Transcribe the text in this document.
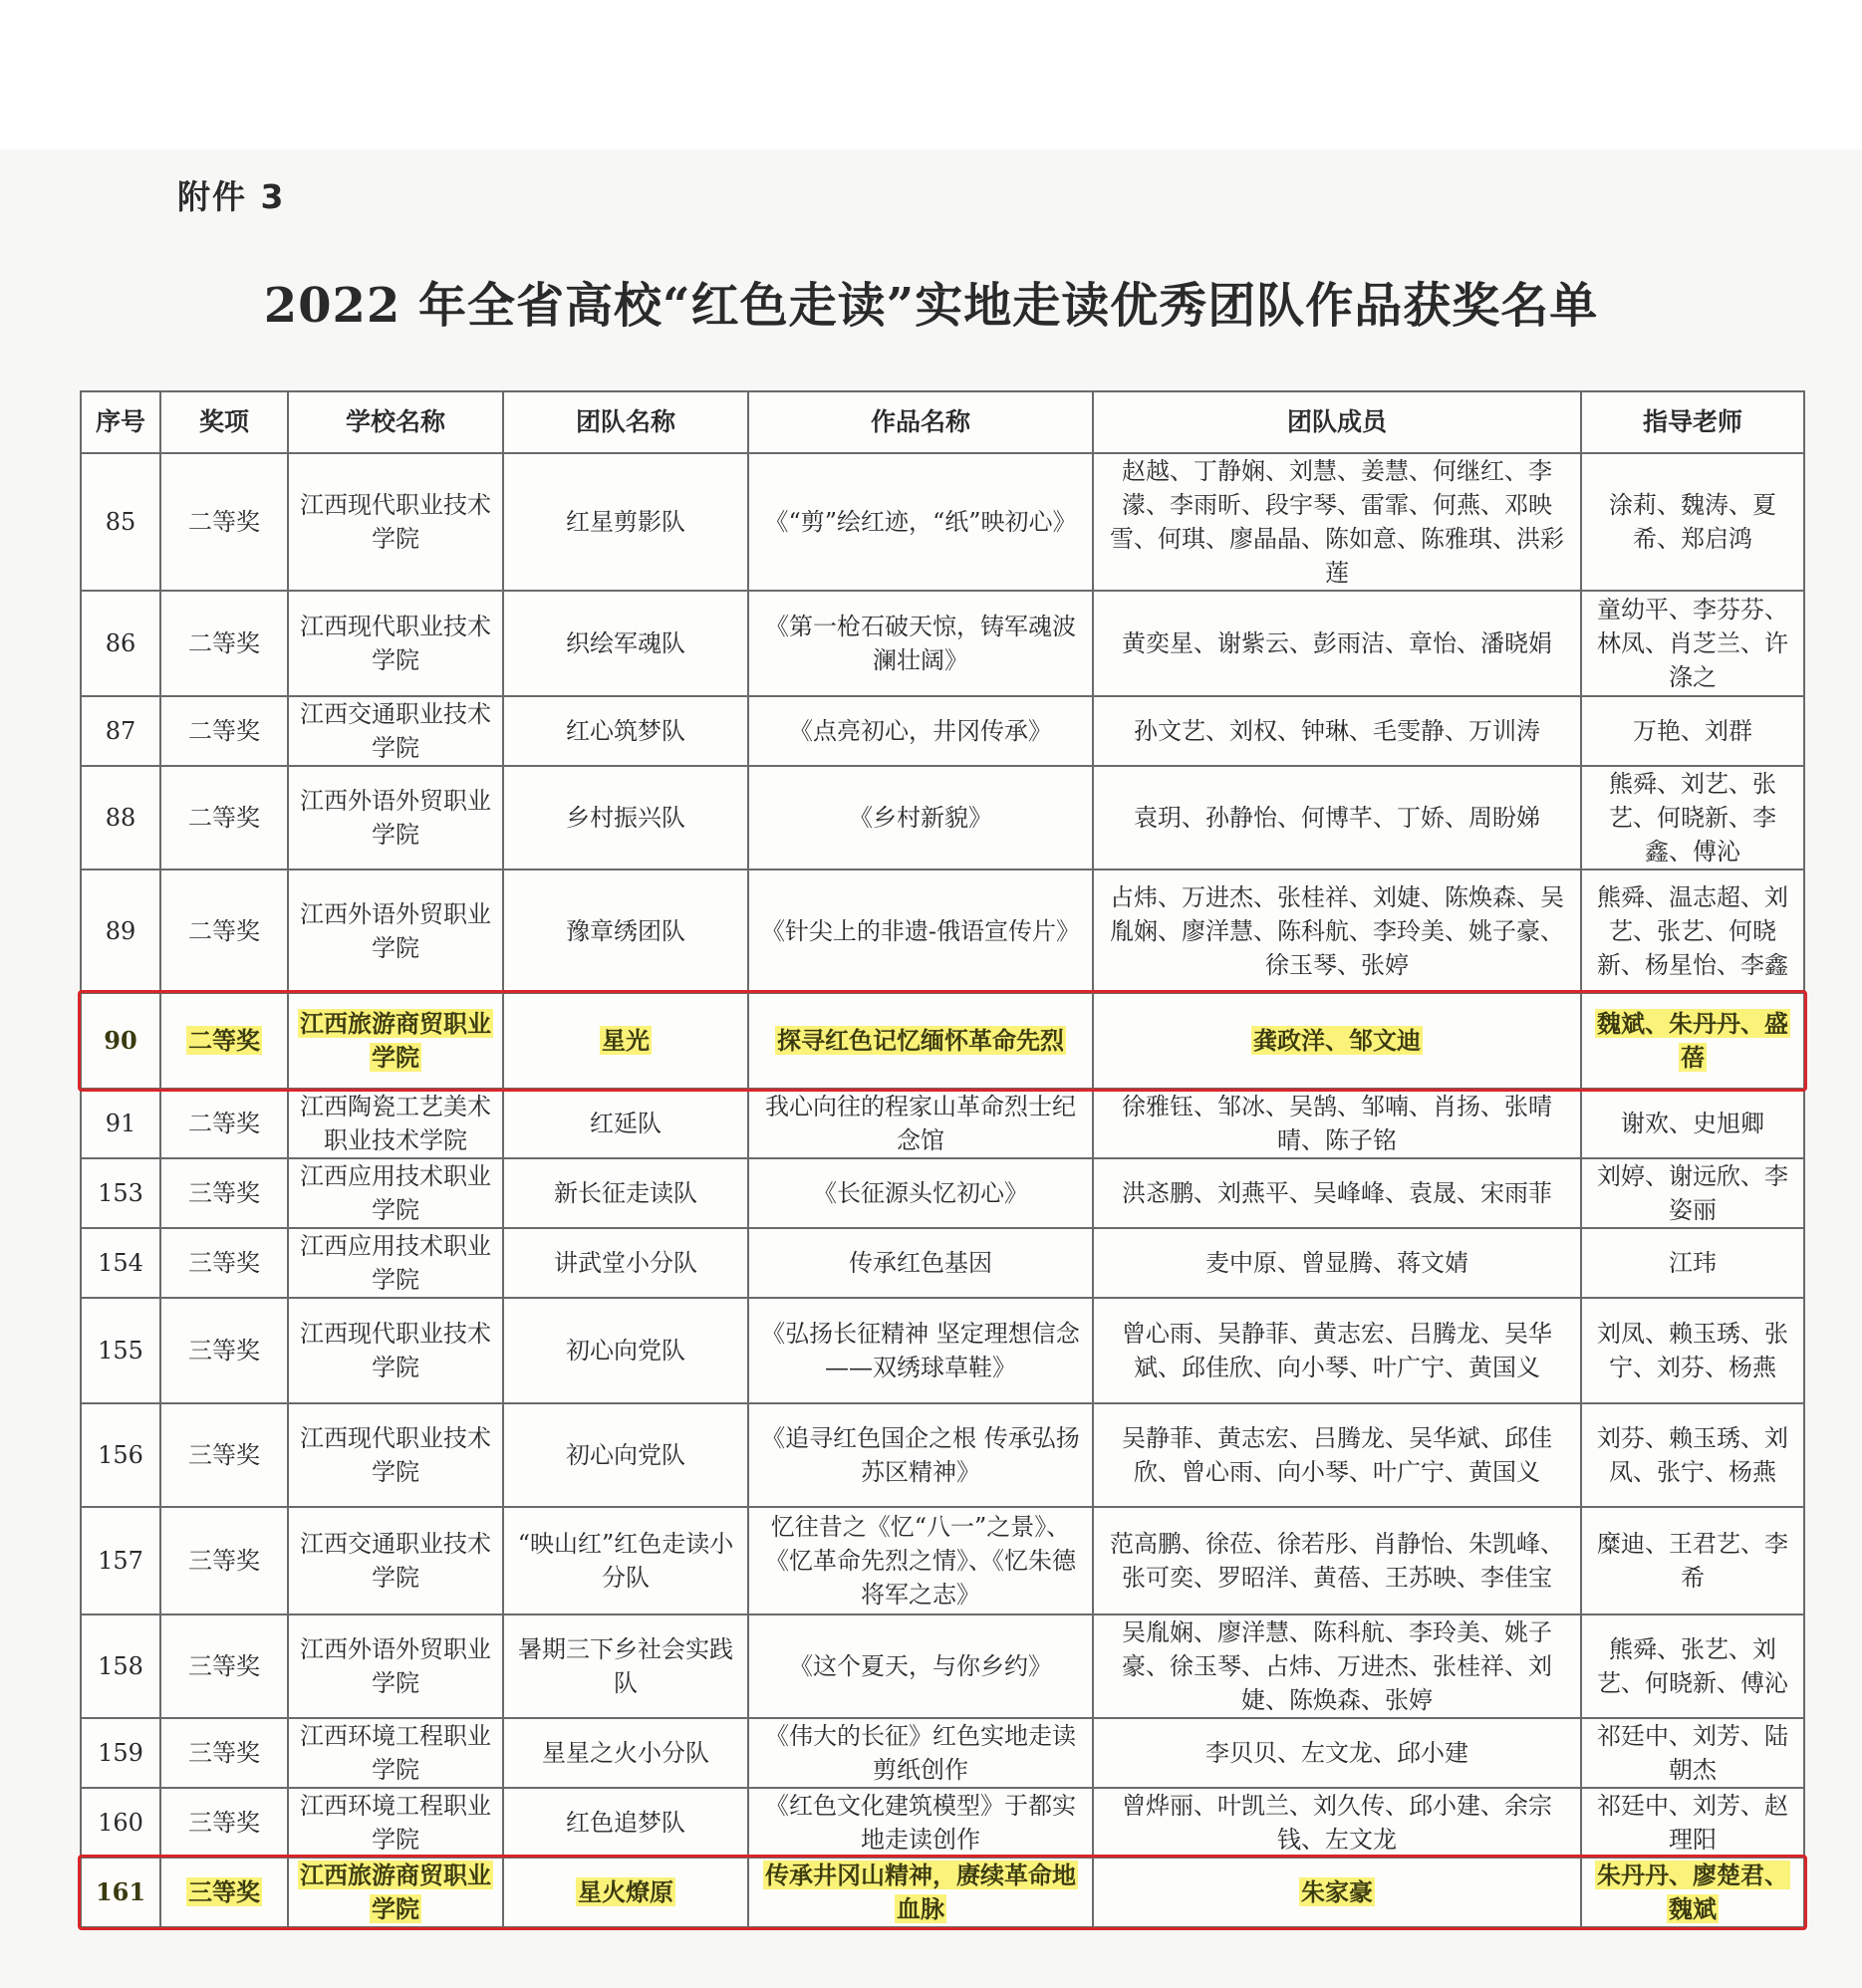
附件 3
2022 年全省高校“红色走读”实地走读优秀团队作品获奖名单
序号	奖项	学校名称	团队名称	作品名称	团队成员	指导老师
85	二等奖	江西现代职业技术学院	红星剪影队	《“剪”绘红迹，“纸”映初心》	赵越、丁静娴、刘慧、姜慧、何继红、李濛、李雨昕、段宇琴、雷霏、何燕、邓映雪、何琪、廖晶晶、陈如意、陈雅琪、洪彩莲	涂莉、魏涛、夏希、郑启鸿
86	二等奖	江西现代职业技术学院	织绘军魂队	《第一枪石破天惊，铸军魂波澜壮阔》	黄奕星、谢紫云、彭雨洁、章怡、潘晓娟	童幼平、李芬芬、林凤、肖芝兰、许涤之
87	二等奖	江西交通职业技术学院	红心筑梦队	《点亮初心，井冈传承》	孙文艺、刘权、钟琳、毛雯静、万训涛	万艳、刘群
88	二等奖	江西外语外贸职业学院	乡村振兴队	《乡村新貌》	袁玥、孙静怡、何博芊、丁娇、周盼娣	熊舜、刘艺、张艺、何晓新、李鑫、傅沁
89	二等奖	江西外语外贸职业学院	豫章绣团队	《针尖上的非遗-俄语宣传片》	占炜、万进杰、张桂祥、刘婕、陈焕森、吴胤娴、廖洋慧、陈科航、李玲美、姚子豪、徐玉琴、张婷	熊舜、温志超、刘艺、张艺、何晓新、杨星怡、李鑫
90	二等奖	江西旅游商贸职业学院	星光	探寻红色记忆缅怀革命先烈	龚政洋、邹文迪	魏斌、朱丹丹、盛蓓
91	二等奖	江西陶瓷工艺美术职业技术学院	红延队	我心向往的程家山革命烈士纪念馆	徐雅钰、邹冰、吴鹄、邹喃、肖扬、张晴晴、陈子铭	谢欢、史旭卿
153	三等奖	江西应用技术职业学院	新长征走读队	《长征源头忆初心》	洪忞鹏、刘燕平、吴峰峰、袁晟、宋雨菲	刘婷、谢远欣、李姿丽
154	三等奖	江西应用技术职业学院	讲武堂小分队	传承红色基因	麦中原、曾显腾、蒋文婧	江玮
155	三等奖	江西现代职业技术学院	初心向党队	《弘扬长征精神 坚定理想信念——双绣球草鞋》	曾心雨、吴静菲、黄志宏、吕腾龙、吴华斌、邱佳欣、向小琴、叶广宁、黄国义	刘凤、赖玉琇、张宁、刘芬、杨燕
156	三等奖	江西现代职业技术学院	初心向党队	《追寻红色国企之根 传承弘扬苏区精神》	吴静菲、黄志宏、吕腾龙、吴华斌、邱佳欣、曾心雨、向小琴、叶广宁、黄国义	刘芬、赖玉琇、刘凤、张宁、杨燕
157	三等奖	江西交通职业技术学院	“映山红”红色走读小分队	忆往昔之《忆“八一”之景》、《忆革命先烈之情》、《忆朱德将军之志》	范高鹏、徐莅、徐若彤、肖静怡、朱凯峰、张可奕、罗昭洋、黄蓓、王苏映、李佳宝	糜迪、王君艺、李希
158	三等奖	江西外语外贸职业学院	暑期三下乡社会实践队	《这个夏天，与你乡约》	吴胤娴、廖洋慧、陈科航、李玲美、姚子豪、徐玉琴、占炜、万进杰、张桂祥、刘婕、陈焕森、张婷	熊舜、张艺、刘艺、何晓新、傅沁
159	三等奖	江西环境工程职业学院	星星之火小分队	《伟大的长征》红色实地走读剪纸创作	李贝贝、左文龙、邱小建	祁廷中、刘芳、陆朝杰
160	三等奖	江西环境工程职业学院	红色追梦队	《红色文化建筑模型》于都实地走读创作	曾烨丽、叶凯兰、刘久传、邱小建、余宗钱、左文龙	祁廷中、刘芳、赵理阳
161	三等奖	江西旅游商贸职业学院	星火燎原	传承井冈山精神，赓续革命地血脉	朱家豪	朱丹丹、廖楚君、魏斌
